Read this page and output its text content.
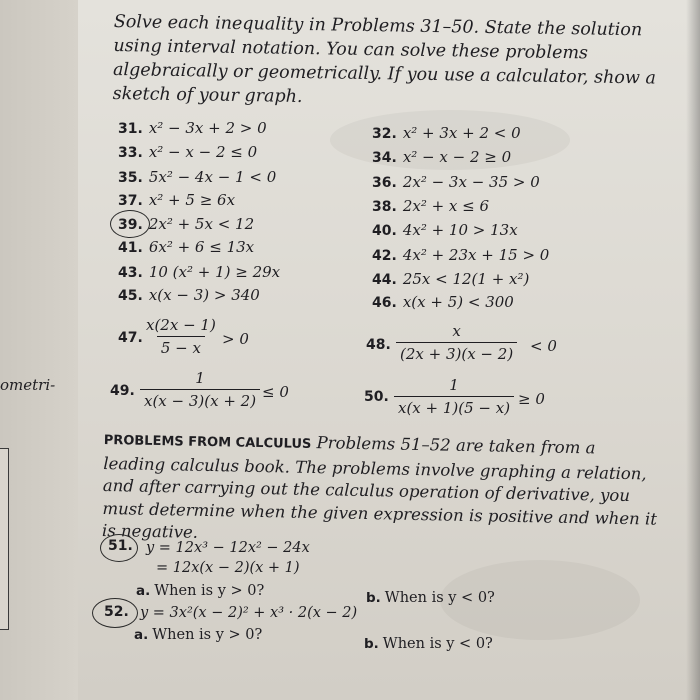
ometri-
Solve each inequality in Problems 31–50. State the solution using interval notation. You can solve these problems algebraically or geometrically. If you use a calculator, show a sketch of your graph.
31. x² − 3x + 2 > 0
33. x² − x − 2 ≤ 0
35. 5x² − 4x − 1 < 0
37. x² + 5 ≥ 6x
39. 2x² + 5x < 12
41. 6x² + 6 ≤ 13x
43. 10 (x² + 1) ≥ 29x
45. x(x − 3) > 340
32. x² + 3x + 2 < 0
34. x² − x − 2 ≥ 0
36. 2x² − 3x − 35 > 0
38. 2x² + x ≤ 6
40. 4x² + 10 > 13x
42. 4x² + 23x + 15 > 0
44. 25x < 12(1 + x²)
46. x(x + 5) < 300
47. $\frac{x(2x - 1)}{5 - x} > 0$	48. $\frac{x}{(2x + 3)(x - 2)} < 0$
49. $\frac{1}{x(x - 3)(x + 2)} \le 0$	50. $\frac{1}{x(x + 1)(5 - x)} \ge 0$
PROBLEMS FROM CALCULUS Problems 51–52 are taken from a leading calculus book. The problems involve graphing a relation, and after carrying out the calculus operation of derivative, you must determine when the given expression is positive and when it is negative.
51. y = 12x³ − 12x² − 24x
= 12x(x − 2)(x + 1)
a. When is y > 0?	b. When is y < 0?
52. y = 3x²(x − 2)² + x³ · 2(x − 2)
a. When is y > 0?
b. When is y < 0?
